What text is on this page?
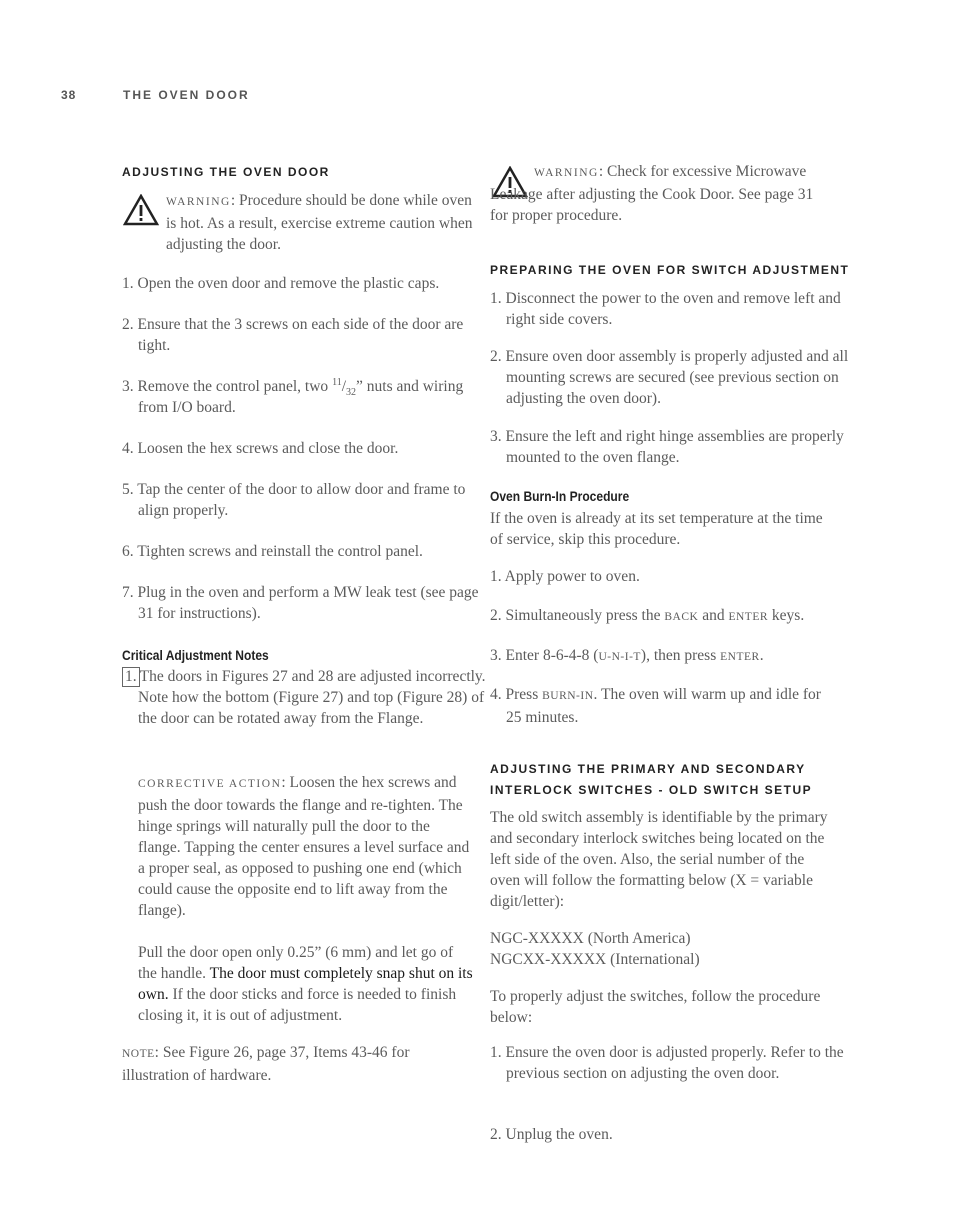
38	THE OVEN DOOR
ADJUSTING THE OVEN DOOR
WARNING: Procedure should be done while oven is hot. As a result, exercise extreme caution when adjusting the door.
1. Open the oven door and remove the plastic caps.
2. Ensure that the 3 screws on each side of the door are tight.
3. Remove the control panel, two $^{11}/_{32}$” nuts and wiring from I/O board.
4. Loosen the hex screws and close the door.
5. Tap the center of the door to allow door and frame to align properly.
6. Tighten screws and reinstall the control panel.
7. Plug in the oven and perform a MW leak test (see page 31 for instructions).
Critical Adjustment Notes
1. The doors in Figures 27 and 28 are adjusted incorrectly. Note how the bottom (Figure 27) and top (Figure 28) of the door can be rotated away from the Flange.
CORRECTIVE ACTION: Loosen the hex screws and push the door towards the flange and re-tighten. The hinge springs will naturally pull the door to the flange. Tapping the center ensures a level surface and a proper seal, as opposed to pushing one end (which could cause the opposite end to lift away from the flange).
Pull the door open only 0.25” (6 mm) and let go of the handle. The door must completely snap shut on its own. If the door sticks and force is needed to finish closing it, it is out of adjustment.
NOTE: See Figure 26, page 37, Items 43-46 for illustration of hardware.
WARNING: Check for excessive Microwave Leakage after adjusting the Cook Door. See page 31 for proper procedure.
PREPARING THE OVEN FOR SWITCH ADJUSTMENT
1. Disconnect the power to the oven and remove left and right side covers.
2. Ensure oven door assembly is properly adjusted and all mounting screws are secured (see previous section on adjusting the oven door).
3. Ensure the left and right hinge assemblies are properly mounted to the oven flange.
Oven Burn-In Procedure
If the oven is already at its set temperature at the time of service, skip this procedure.
1. Apply power to oven.
2. Simultaneously press the BACK and ENTER keys.
3. Enter 8-6-4-8 (U-N-I-T), then press ENTER.
4. Press BURN-IN. The oven will warm up and idle for 25 minutes.
ADJUSTING THE PRIMARY AND SECONDARY
INTERLOCK SWITCHES - OLD SWITCH SETUP
The old switch assembly is identifiable by the primary and secondary interlock switches being located on the left side of the oven. Also, the serial number of the oven will follow the formatting below (X = variable digit/letter):
NGC-XXXXX (North America)
NGCXX-XXXXX (International)
To properly adjust the switches, follow the procedure below:
1. Ensure the oven door is adjusted properly. Refer to the previous section on adjusting the oven door.
2. Unplug the oven.
